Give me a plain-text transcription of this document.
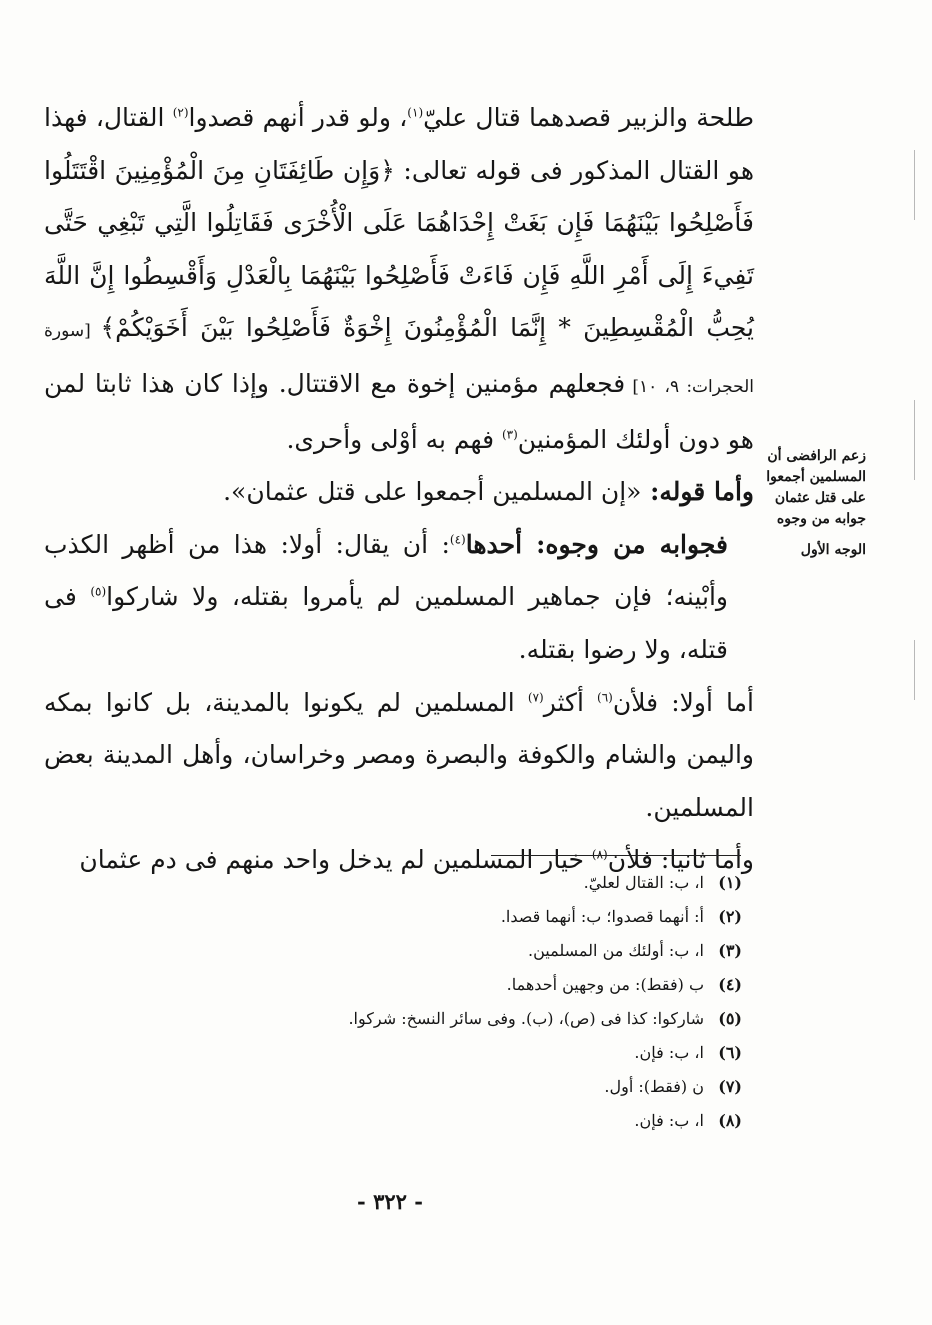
طلحة والزبير قصدهما قتال عليّ$^{(١)}$، ولو قدر أنهم قصدوا$^{(٢)}$ القتال، فهذا هو القتال المذكور فى قوله تعالى: ﴿وَإِن طَائِفَتَانِ مِنَ الْمُؤْمِنِينَ اقْتَتَلُوا فَأَصْلِحُوا بَيْنَهُمَا فَإِن بَغَتْ إِحْدَاهُمَا عَلَى الْأُخْرَى فَقَاتِلُوا الَّتِي تَبْغِي حَتَّى تَفِيءَ إِلَى أَمْرِ اللَّهِ فَإِن فَاءَتْ فَأَصْلِحُوا بَيْنَهُمَا بِالْعَدْلِ وَأَقْسِطُوا إِنَّ اللَّهَ يُحِبُّ الْمُقْسِطِينَ * إِنَّمَا الْمُؤْمِنُونَ إِخْوَةٌ فَأَصْلِحُوا بَيْنَ أَخَوَيْكُمْ﴾ [سورة الحجرات: ٩، ١٠] فجعلهم مؤمنين إخوة مع الاقتتال. وإذا كان هذا ثابتا لمن هو دون أولئك المؤمنين$^{(٣)}$ فهم به أوْلى وأحرى.

وأما قوله: «إن المسلمين أجمعوا على قتل عثمان».

فجوابه من وجوه: أحدها$^{(٤)}$: أن يقال: أولا: هذا من أظهر الكذب وأبْينه؛ فإن جماهير المسلمين لم يأمروا بقتله، ولا شاركوا$^{(٥)}$ فى قتله، ولا رضوا بقتله.

أما أولا: فلأن$^{(٦)}$ أكثر$^{(٧)}$ المسلمين لم يكونوا بالمدينة، بل كانوا بمكه واليمن والشام والكوفة والبصرة ومصر وخراسان، وأهل المدينة بعض المسلمين.

وأما ثانيا: فلأن$^{(٨)}$ خيار المسلمين لم يدخل واحد منهم فى دم عثمان

زعم الرافضى أن المسلمين أجمعوا على قتل عثمان
جوابه من وجوه
الوجه الأول
(١)
ا، ب: القتال لعليّ.
(٢)
أ: أنهما قصدوا؛ ب: أنهما قصدا.
(٣)
ا، ب: أولئك من المسلمين.
(٤)
ب (فقط): من وجهين أحدهما.
(٥)
شاركوا: كذا فى (ص)، (ب). وفى سائر النسخ: شركوا.
(٦)
ا، ب: فإن.
(٧)
ن (فقط): أول.
(٨)
ا، ب: فإن.
- ٣٢٢ -
